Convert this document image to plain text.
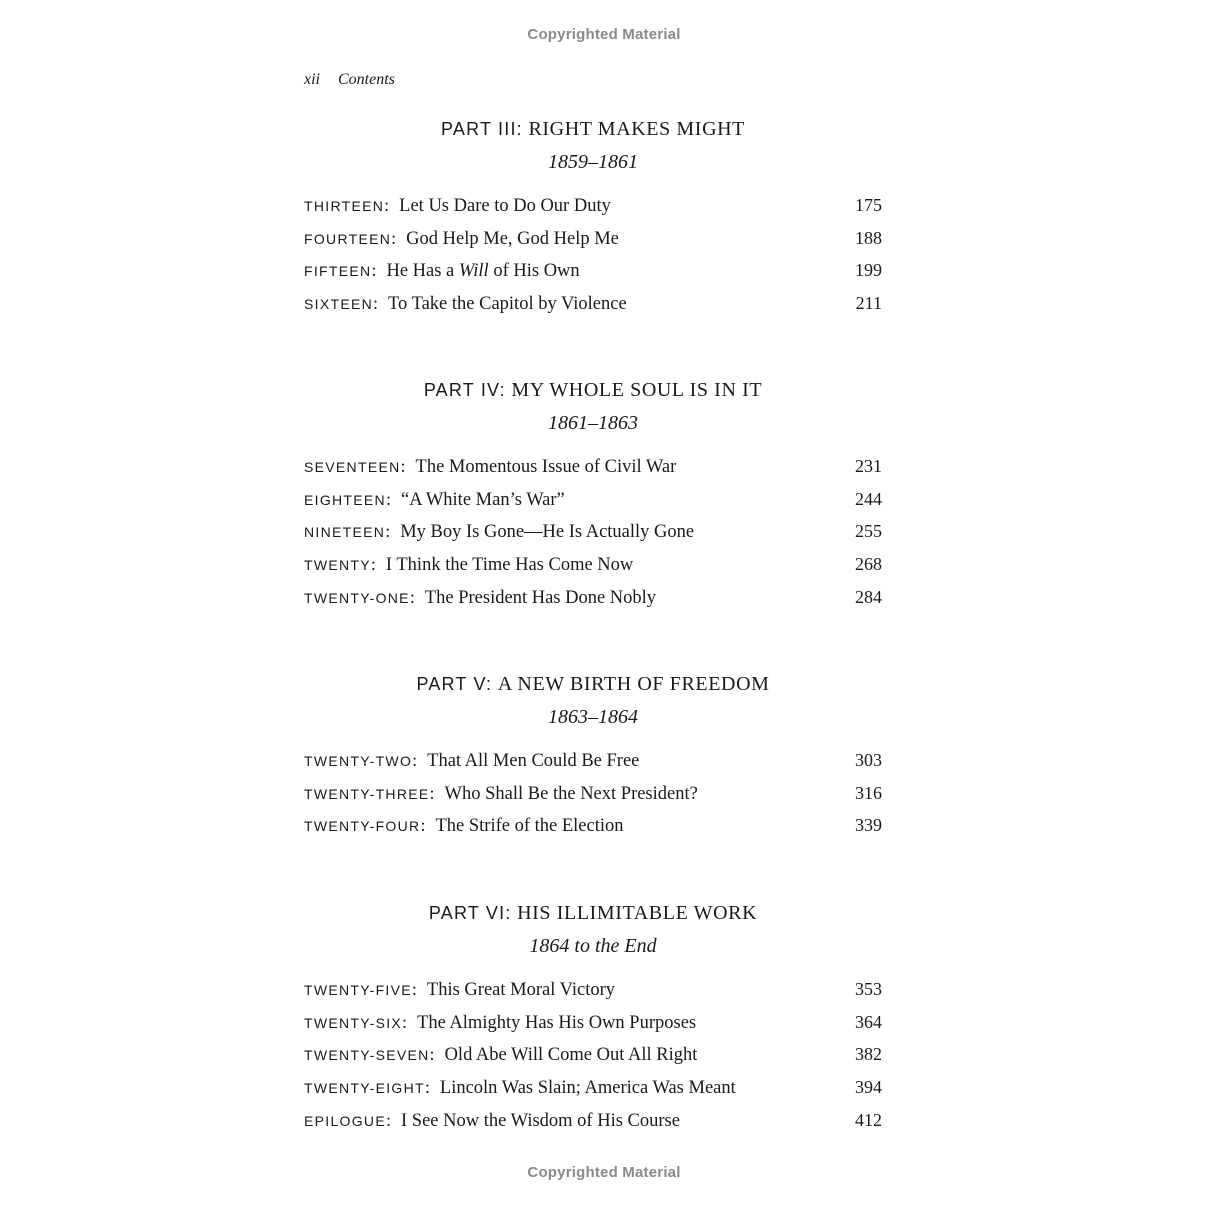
Copyrighted Material
xii Contents
PART III: RIGHT MAKES MIGHT
1859–1861
THIRTEEN: Let Us Dare to Do Our Duty	175
FOURTEEN: God Help Me, God Help Me	188
FIFTEEN: He Has a Will of His Own	199
SIXTEEN: To Take the Capitol by Violence	211
PART IV: MY WHOLE SOUL IS IN IT
1861–1863
SEVENTEEN: The Momentous Issue of Civil War	231
EIGHTEEN: “A White Man’s War”	244
NINETEEN: My Boy Is Gone—He Is Actually Gone	255
TWENTY: I Think the Time Has Come Now	268
TWENTY-ONE: The President Has Done Nobly	284
PART V: A NEW BIRTH OF FREEDOM
1863–1864
TWENTY-TWO: That All Men Could Be Free	303
TWENTY-THREE: Who Shall Be the Next President?	316
TWENTY-FOUR: The Strife of the Election	339
PART VI: HIS ILLIMITABLE WORK
1864 to the End
TWENTY-FIVE: This Great Moral Victory	353
TWENTY-SIX: The Almighty Has His Own Purposes	364
TWENTY-SEVEN: Old Abe Will Come Out All Right	382
TWENTY-EIGHT: Lincoln Was Slain; America Was Meant	394
EPILOGUE: I See Now the Wisdom of His Course	412
Copyrighted Material
